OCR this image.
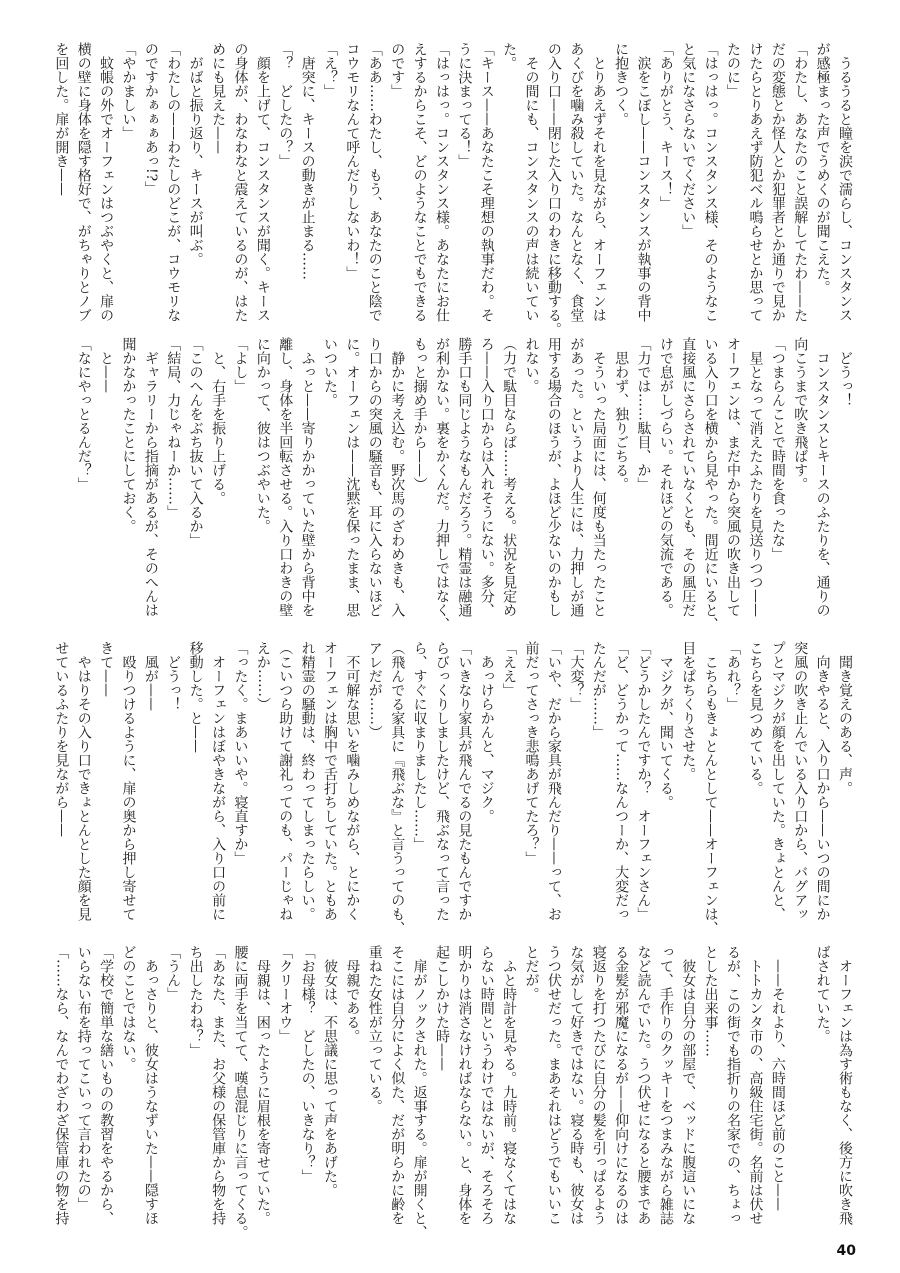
　うるうると瞳を涙で濡らし、コンスタンス
が感極まった声でうめくのが聞こえた。
「わたし、あなたのこと誤解してたわ——た
だの変態とか怪人とか犯罪者とか通りで見か
けたらとりあえず防犯ベル鳴らせとか思って
たのに」
「はっはっ。コンスタンス様、そのようなこ
と気になさらないでください」
「ありがとう、キース！」
　涙をこぼし——コンスタンスが執事の背中
に抱きつく。
　とりあえずそれを見ながら、オーフェンは
あくびを噛み殺していた。なんとなく、食堂
の入り口——閉じた入り口のわきに移動する。
　その間にも、コンスタンスの声は続いてい
た。
「キース——あなたこそ理想の執事だわ。そ
うに決まってる！」
「はっはっ。コンスタンス様。あなたにお仕
えするからこそ、どのようなことでもできる
のです」
「ああ……わたし、もう、あなたのこと陰で
コウモリなんて呼んだりしないわ！」
「え？」
　唐突に、キースの動きが止まる……
「？　どしたの？」
　顔を上げて、コンスタンスが聞く。キース
の身体が、わなわなと震えているのが、はた
めにも見えた——
　がばと振り返り、キースが叫ぶ。
「わたしの——わたしのどこが、コウモリな
のですかぁぁぁあっ!?」
「やかましい」
　蚊帳の外でオーフェンはつぶやくと、扉の
横の壁に身体を隠す格好で、がちゃりとノブ
を回した。扉が開き——
　どうっ！
　コンスタンスとキースのふたりを、通りの
向こうまで吹き飛ばす。
「つまらんことで時間を食ったな」
　星となって消えたふたりを見送りつつ——
オーフェンは、まだ中から突風の吹き出して
いる入り口を横から見やった。間近にいると、
直接風にさらされていなくとも、その風圧だ
けで息がしづらい。それほどの気流である。
「力では……駄目、か」
　思わず、独りごちる。
　そういった局面には、何度も当たったこと
があった。というより人生には、力押しが通
用する場合のほうが、よほど少ないのかもし
れない。
（力で駄目ならば……考える。状況を見定め
ろ——入り口からは入れそうにない。多分、
勝手口も同じようなもんだろう。精霊は融通
が利かない。裏をかくんだ。力押しではなく、
もっと搦め手から——）
　静かに考え込む。野次馬のざわめきも、入
り口からの突風の騒音も、耳に入らないほど
に。オーフェンは——沈黙を保ったまま、思
いついた。
　ふっと——寄りかかっていた壁から背中を
離し、身体を半回転させる。入り口わきの壁
に向かって、彼はつぶやいた。
「よし」
　と、右手を振り上げる。
「このへんをぶち抜いて入るか」
「結局、力じゃねーか……」
　ギャラリーから指摘があるが、そのへんは
聞かなかったことにしておく。
　と——
「なにやっとるんだ？」
　聞き覚えのある、声。
　向きやると、入り口から——いつの間にか
突風の吹き止んでいる入り口から、バグアッ
プとマジクが顔を出していた。きょとんと、
こちらを見つめている。
「あれ？」
　こちらもきょとんとして——オーフェンは、
目をぱちくりさせた。
　マジクが、聞いてくる。
「どうかしたんですか？　オーフェンさん」
「ど、どうかって……なんつーか、大変だっ
たんだが……」
「大変？」
「いや、だから家具が飛んだり——って、お
前だってさっき悲鳴あげてたろ？」
「ええ」
　あっけらかんと、マジク。
「いきなり家具が飛んでるの見たもんですか
らびっくりしましたけど、飛ぶなって言った
ら、すぐに収まりましたし……」
（飛んでる家具に『飛ぶな』と言うってのも、
アレだが……）
　不可解な思いを噛みしめながら、とにかく
オーフェンは胸中で舌打ちしていた。ともあ
れ精霊の騒動は、終わってしまったらしい。
（こいつら助けて謝礼ってのも、パーじゃね
えか……）
「ったく。まあいいや。寝直すか」
　オーフェンはぼやきながら、入り口の前に
移動した。と——
　どうっ！
　風が——
　殴りつけるように、扉の奥から押し寄せて
きて——
　やはりその入り口できょとんとした顔を見
せているふたりを見ながら——
　オーフェンは為す術もなく、後方に吹き飛
ばされていた。
　——それより、六時間ほど前のこと——
　トトカンタ市の、高級住宅街。名前は伏せ
るが、この街でも指折りの名家での、ちょっ
とした出来事……
　彼女は自分の部屋で、ベッドに腹這いにな
って、手作りのクッキーをつまみながら雑誌
など読んでいた。うつ伏せになると腰まであ
る金髪が邪魔になるが——仰向けになるのは
寝返りを打つたびに自分の髪を引っぱるよう
な気がして好きではない。寝る時も、彼女は
うつ伏せだった。まあそれはどうでもいいこ
とだが。
　ふと時計を見やる。九時前。寝なくてはな
らない時間というわけではないが、そろそろ
明かりは消さなければならない。と、身体を
起こしかけた時——
　扉がノックされた。返事する。扉が開くと、
そこには自分によく似た、だが明らかに齢を
重ねた女性が立っている。
　母親である。
　彼女は、不思議に思って声をあげた。
「お母様？　どしたの、いきなり？」
「クリーオウ」
　母親は、困ったように眉根を寄せていた。
腰に両手を当てて、嘆息混じりに言ってくる。
「あなた、また、お父様の保管庫から物を持
ち出したわね？」
「うん」
　あっさりと、彼女はうなずいた——隠すほ
どのことではない。
「学校で簡単な繕いものの教習をやるから、
いらない布を持ってこいって言われたの」
「……なら、なんでわざわざ保管庫の物を持
40
